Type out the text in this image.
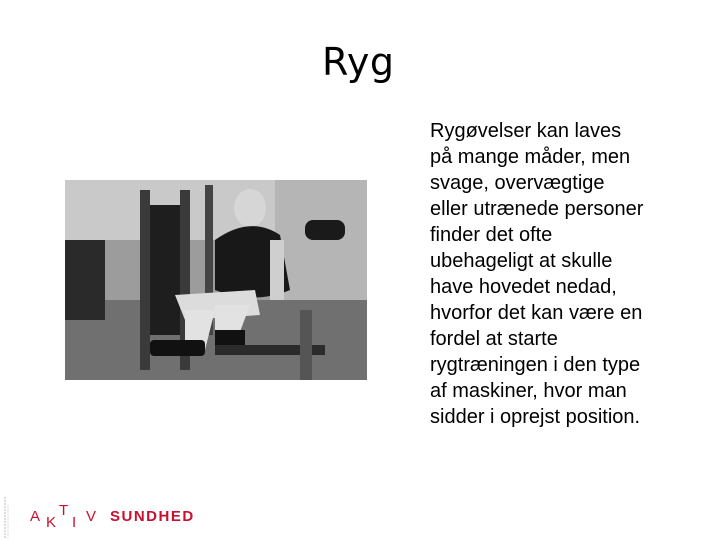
Ryg
Rygøvelser kan laves
på mange måder, men
svage, overvægtige
eller utrænede personer
finder det ofte
ubehageligt at skulle
have hovedet nedad,
hvorfor det kan være en
fordel at starte
rygtræningen i den type
af maskiner, hvor man
sidder i oprejst position.
A K
T
I V SUNDHED
